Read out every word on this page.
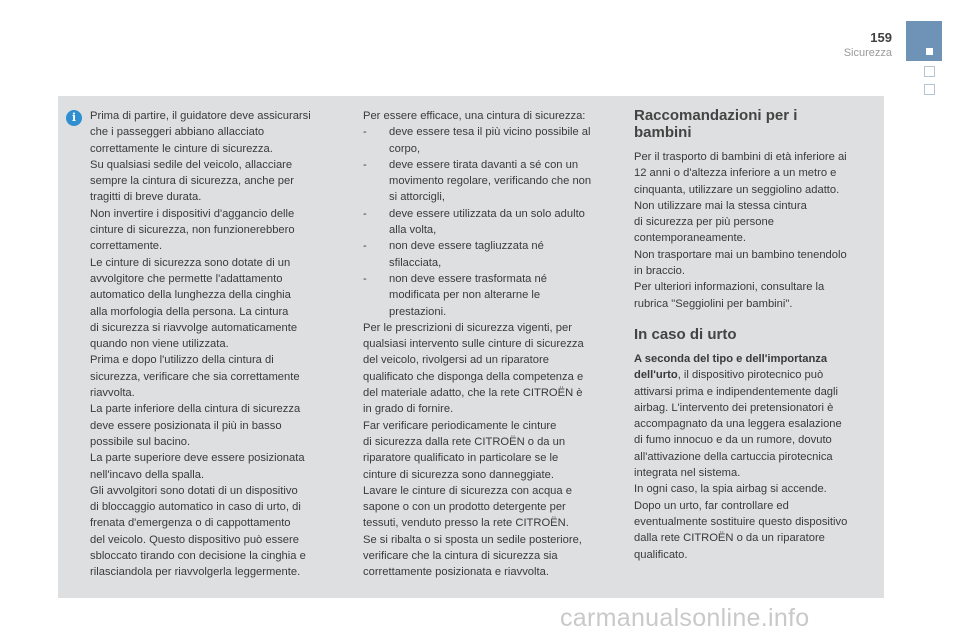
159
Sicurezza
i	Prima di partire, il guidatore deve assicurarsi

che i passeggeri abbiano allacciato

correttamente le cinture di sicurezza.

Su qualsiasi sedile del veicolo, allacciare

sempre la cintura di sicurezza, anche per

tragitti di breve durata.

Non invertire i dispositivi d'aggancio delle

cinture di sicurezza, non funzionerebbero

correttamente.

Le cinture di sicurezza sono dotate di un

avvolgitore che permette l'adattamento

automatico della lunghezza della cinghia

alla morfologia della persona. La cintura

di sicurezza si riavvolge automaticamente

quando non viene utilizzata.

Prima e dopo l'utilizzo della cintura di

sicurezza, verificare che sia correttamente

riavvolta.

La parte inferiore della cintura di sicurezza

deve essere posizionata il più in basso

possibile sul bacino.

La parte superiore deve essere posizionata

nell'incavo della spalla.

Gli avvolgitori sono dotati di un dispositivo

di bloccaggio automatico in caso di urto, di

frenata d'emergenza o di cappottamento

del veicolo. Questo dispositivo può essere

sbloccato tirando con decisione la cinghia e

rilasciandola per riavvolgerla leggermente.

Per essere efficace, una cintura di sicurezza:

- deve essere tesa il più vicino possibile al
corpo,
- deve essere tirata davanti a sé con un
movimento regolare, verificando che non
si attorcigli,
- deve essere utilizzata da un solo adulto
alla volta,
- non deve essere tagliuzzata né
sfilacciata,
- non deve essere trasformata né
modificata per non alterarne le
prestazioni.

Per le prescrizioni di sicurezza vigenti, per

qualsiasi intervento sulle cinture di sicurezza

del veicolo, rivolgersi ad un riparatore

qualificato che disponga della competenza e

del materiale adatto, che la rete CITROËN è

in grado di fornire.

Far verificare periodicamente le cinture

di sicurezza dalla rete CITROËN o da un

riparatore qualificato in particolare se le

cinture di sicurezza sono danneggiate.

Lavare le cinture di sicurezza con acqua e

sapone o con un prodotto detergente per

tessuti, venduto presso la rete CITROËN.

Se si ribalta o si sposta un sedile posteriore,

verificare che la cintura di sicurezza sia

correttamente posizionata e riavvolta.

Raccomandazioni per i
bambini

Per il trasporto di bambini di età inferiore ai

12 anni o d'altezza inferiore a un metro e

cinquanta, utilizzare un seggiolino adatto.

Non utilizzare mai la stessa cintura

di sicurezza per più persone

contemporaneamente.

Non trasportare mai un bambino tenendolo

in braccio.

Per ulteriori informazioni, consultare la

rubrica "Seggiolini per bambini".

In caso di urto

A seconda del tipo e dell'importanza

dell'urto, il dispositivo pirotecnico può

attivarsi prima e indipendentemente dagli

airbag. L'intervento dei pretensionatori è

accompagnato da una leggera esalazione

di fumo innocuo e da un rumore, dovuto

all'attivazione della cartuccia pirotecnica

integrata nel sistema.

In ogni caso, la spia airbag si accende.

Dopo un urto, far controllare ed

eventualmente sostituire questo dispositivo

dalla rete CITROËN o da un riparatore

qualificato.

carmanualsonline.info
